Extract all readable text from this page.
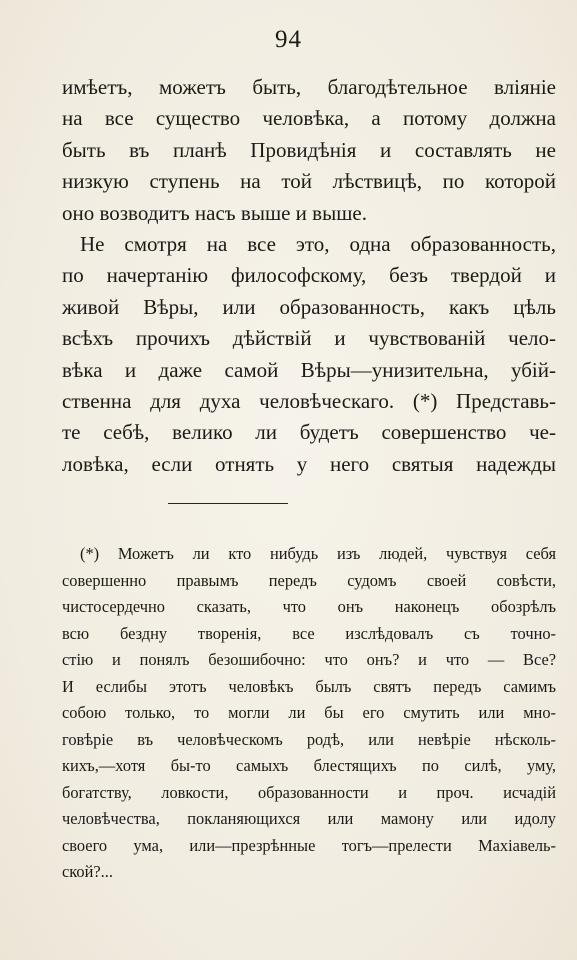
94
имѣетъ, можетъ быть, благодѣтельное вліяніе
на все существо человѣка, а потому должна
быть въ планѣ Провидѣнія и составлять не
низкую ступень на той лѣствицѣ, по которой
оно возводитъ насъ выше и выше.
Не смотря на все это, одна образованность,
по начертанію философскому, безъ твердой и
живой Вѣры, или образованность, какъ цѣль
всѣхъ прочихъ дѣйствій и чувствованій чело-
вѣка и даже самой Вѣры—унизительна, убій-
ственна для духа человѣческаго. (*) Представь-
те себѣ, велико ли будетъ совершенство че-
ловѣка, если отнять у него святыя надежды
(*) Можетъ ли кто нибудь изъ людей, чувствуя себя
совершенно правымъ передъ судомъ своей совѣсти,
чистосердечно сказать, что онъ наконецъ обозрѣлъ
всю бездну творенія, все изслѣдовалъ съ точно-
стію и понялъ безошибочно: что онъ? и что — Все?
И еслибы этотъ человѣкъ былъ святъ передъ самимъ
собою только, то могли ли бы его смутить или мно-
говѣріе въ человѣческомъ родѣ, или невѣріе нѣсколь-
кихъ,—хотя бы-то самыхъ блестящихъ по силѣ, уму,
богатству, ловкости, образованности и проч. исчадій
человѣчества, покланяющихся или мамону или идолу
своего ума, или—презрѣнные тогъ—прелести Махіавель-
ской?...
